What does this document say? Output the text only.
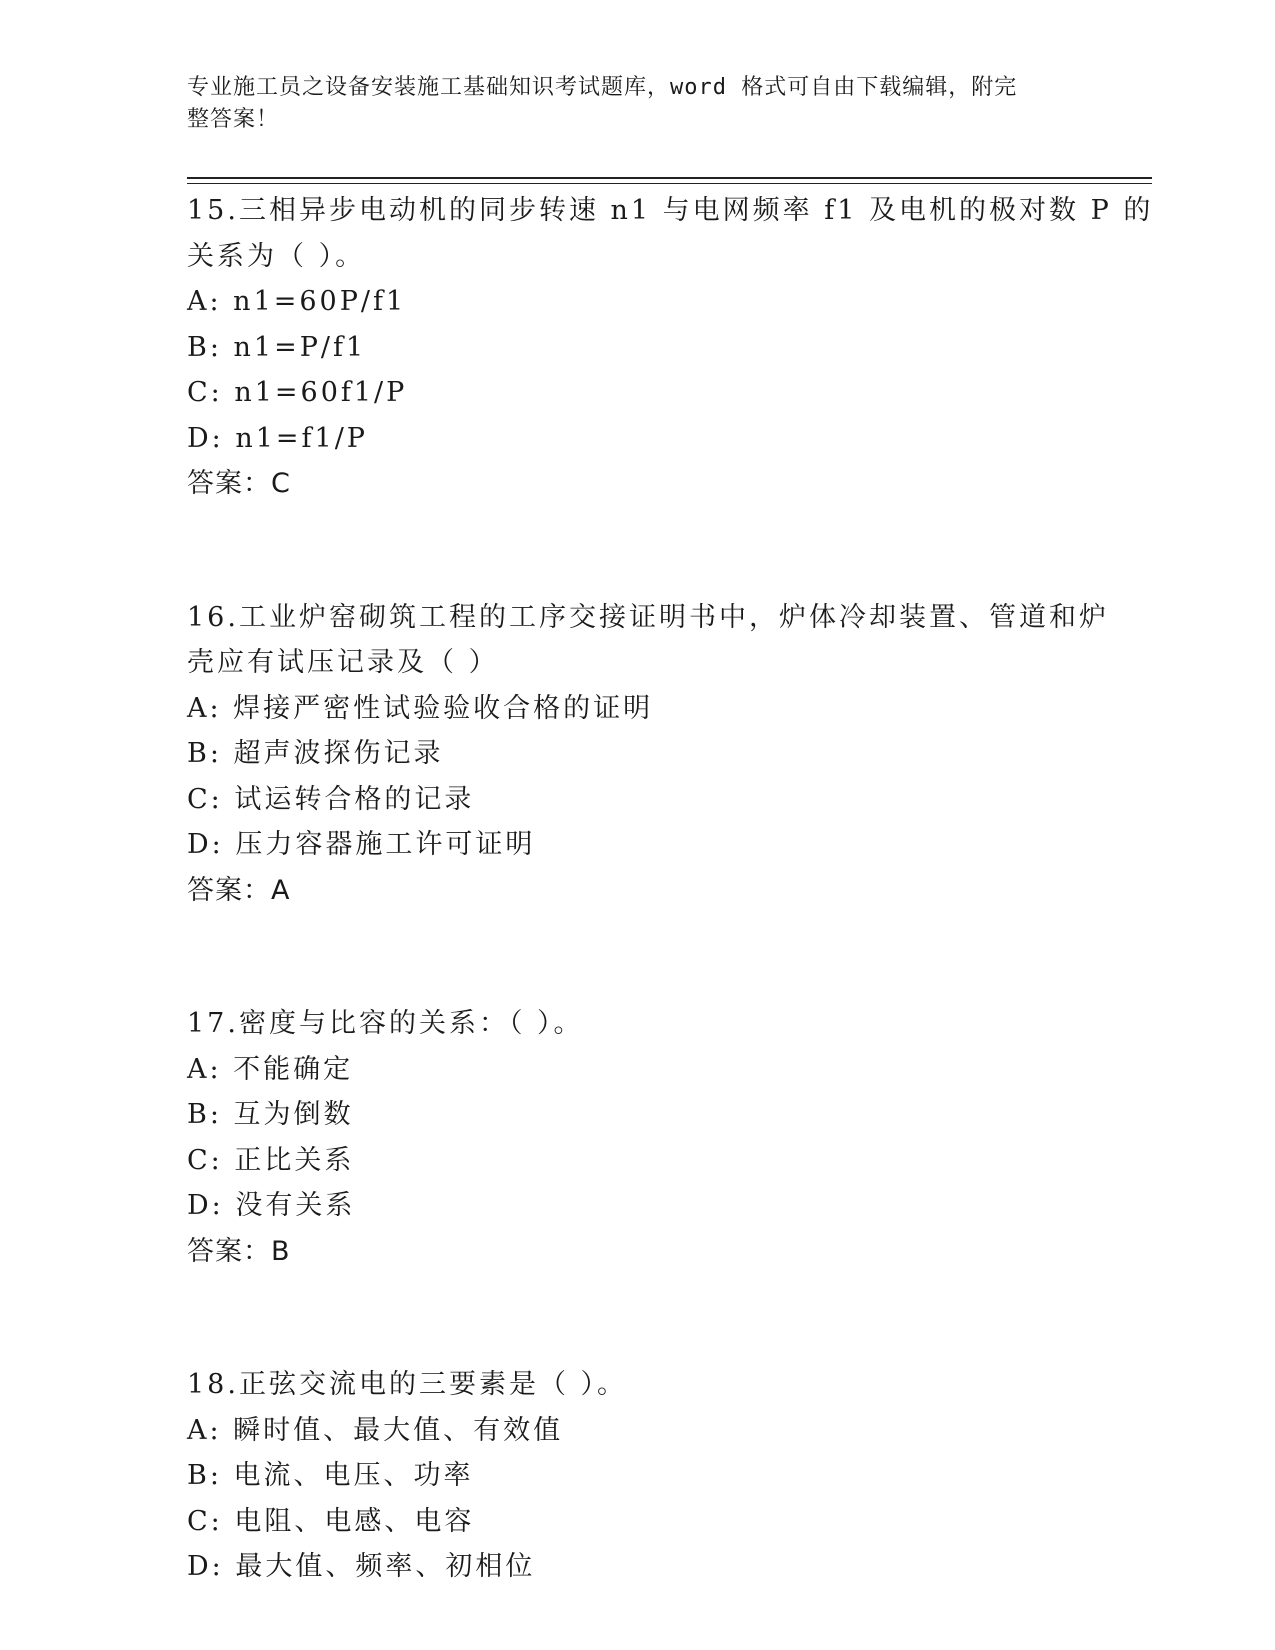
专业施工员之设备安装施工基础知识考试题库，word 格式可自由下载编辑，附完
整答案！
15.三相异步电动机的同步转速 n1 与电网频率 f1 及电机的极对数 P 的
关系为（ ）。
A: n1=60P/f1
B: n1=P/f1
C: n1=60f1/P
D: n1=f1/P
答案：C
16.工业炉窑砌筑工程的工序交接证明书中，炉体冷却装置、管道和炉
壳应有试压记录及（ ）
A: 焊接严密性试验验收合格的证明
B: 超声波探伤记录
C: 试运转合格的记录
D: 压力容器施工许可证明
答案：A
17.密度与比容的关系：（ ）。
A: 不能确定
B: 互为倒数
C: 正比关系
D: 没有关系
答案：B
18.正弦交流电的三要素是（ ）。
A: 瞬时值、最大值、有效值
B: 电流、电压、功率
C: 电阻、电感、电容
D: 最大值、频率、初相位
